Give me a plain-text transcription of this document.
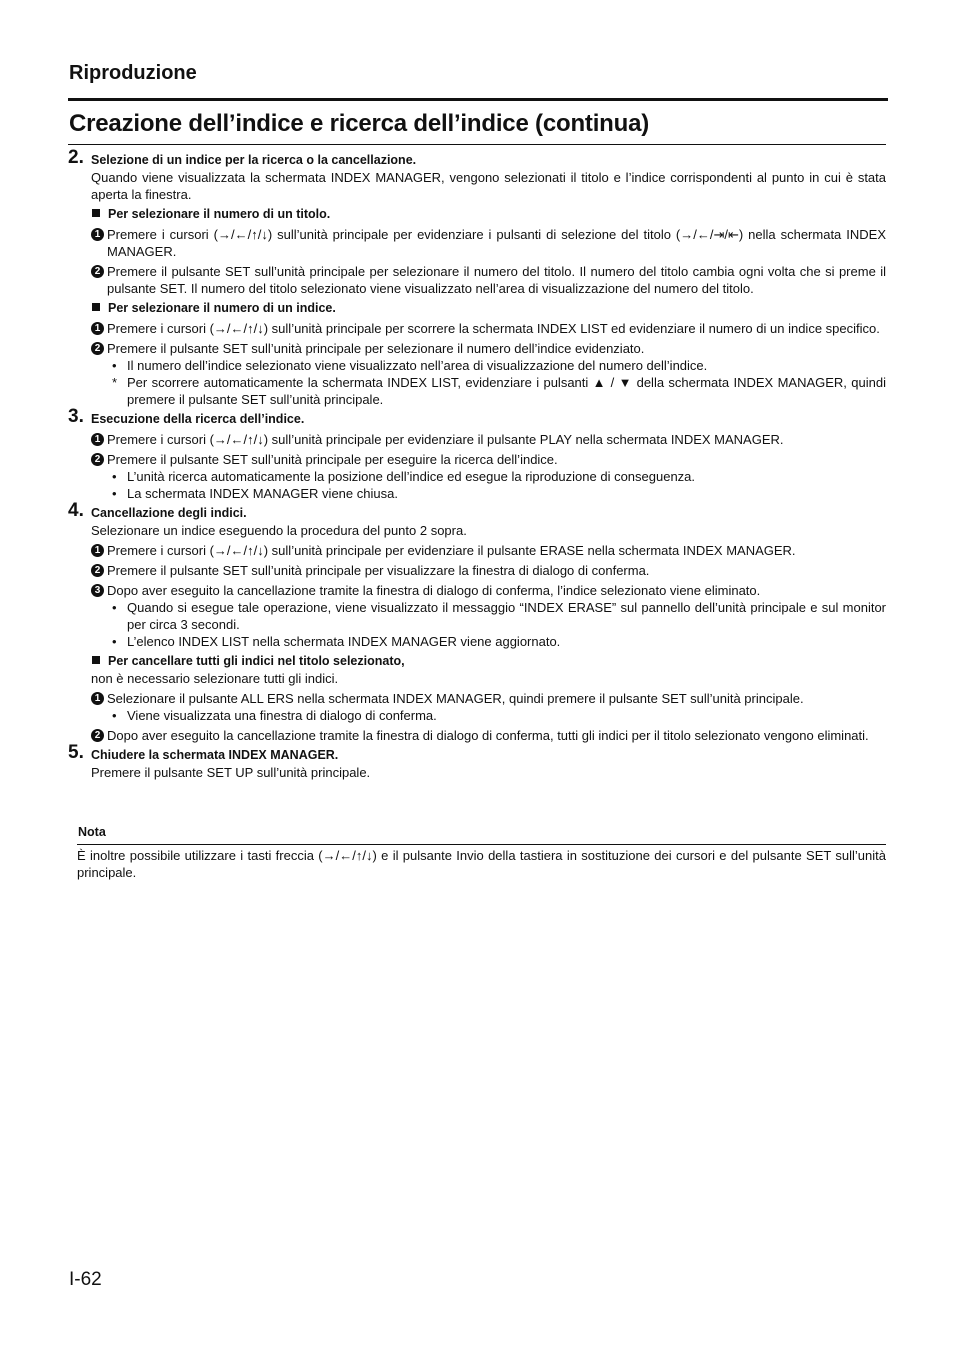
Riproduzione
Creazione dell’indice e ricerca dell’indice (continua)
2. Selezione di un indice per la ricerca o la cancellazione.

Quando viene visualizzata la schermata INDEX MANAGER, vengono selezionati il titolo e l’indice corrispondenti al punto in cui è stata aperta la finestra.

Per selezionare il numero di un titolo.
1 Premere i cursori (→/←/↑/↓) sull’unità principale per evidenziare i pulsanti di selezione del titolo (→/←/⇥/⇤) nella schermata INDEX MANAGER.
2 Premere il pulsante SET sull’unità principale per selezionare il numero del titolo. Il numero del titolo cambia ogni volta che si preme il pulsante SET. Il numero del titolo selezionato viene visualizzato nell’area di visualizzazione del numero del titolo.
Per selezionare il numero di un indice.
1 Premere i cursori (→/←/↑/↓) sull’unità principale per scorrere la schermata INDEX LIST ed evidenziare il numero di un indice specifico.
2 Premere il pulsante SET sull’unità principale per selezionare il numero dell’indice evidenziato.
• Il numero dell’indice selezionato viene visualizzato nell’area di visualizzazione del numero dell’indice.
* Per scorrere automaticamente la schermata INDEX LIST, evidenziare i pulsanti ▲ / ▼ della schermata INDEX MANAGER, quindi premere il pulsante SET sull’unità principale.
3. Esecuzione della ricerca dell’indice.
1 Premere i cursori (→/←/↑/↓) sull’unità principale per evidenziare il pulsante PLAY nella schermata INDEX MANAGER.
2 Premere il pulsante SET sull’unità principale per eseguire la ricerca dell’indice.
• L’unità ricerca automaticamente la posizione dell’indice ed esegue la riproduzione di conseguenza.
• La schermata INDEX MANAGER viene chiusa.
4. Cancellazione degli indici.

Selezionare un indice eseguendo la procedura del punto 2 sopra.

1 Premere i cursori (→/←/↑/↓) sull’unità principale per evidenziare il pulsante ERASE nella schermata INDEX MANAGER.
2 Premere il pulsante SET sull’unità principale per visualizzare la finestra di dialogo di conferma.
3 Dopo aver eseguito la cancellazione tramite la finestra di dialogo di conferma, l’indice selezionato viene eliminato.
• Quando si esegue tale operazione, viene visualizzato il messaggio “INDEX ERASE” sul pannello dell’unità principale e sul monitor per circa 3 secondi.
• L’elenco INDEX LIST nella schermata INDEX MANAGER viene aggiornato.
Per cancellare tutti gli indici nel titolo selezionato,

non è necessario selezionare tutti gli indici.

1 Selezionare il pulsante ALL ERS nella schermata INDEX MANAGER, quindi premere il pulsante SET sull’unità principale.
• Viene visualizzata una finestra di dialogo di conferma.
2 Dopo aver eseguito la cancellazione tramite la finestra di dialogo di conferma, tutti gli indici per il titolo selezionato vengono eliminati.
5. Chiudere la schermata INDEX MANAGER.

Premere il pulsante SET UP sull’unità principale.

Nota
È inoltre possibile utilizzare i tasti freccia (→/←/↑/↓) e il pulsante Invio della tastiera in sostituzione dei cursori e del pulsante SET sull’unità principale.
I-62
